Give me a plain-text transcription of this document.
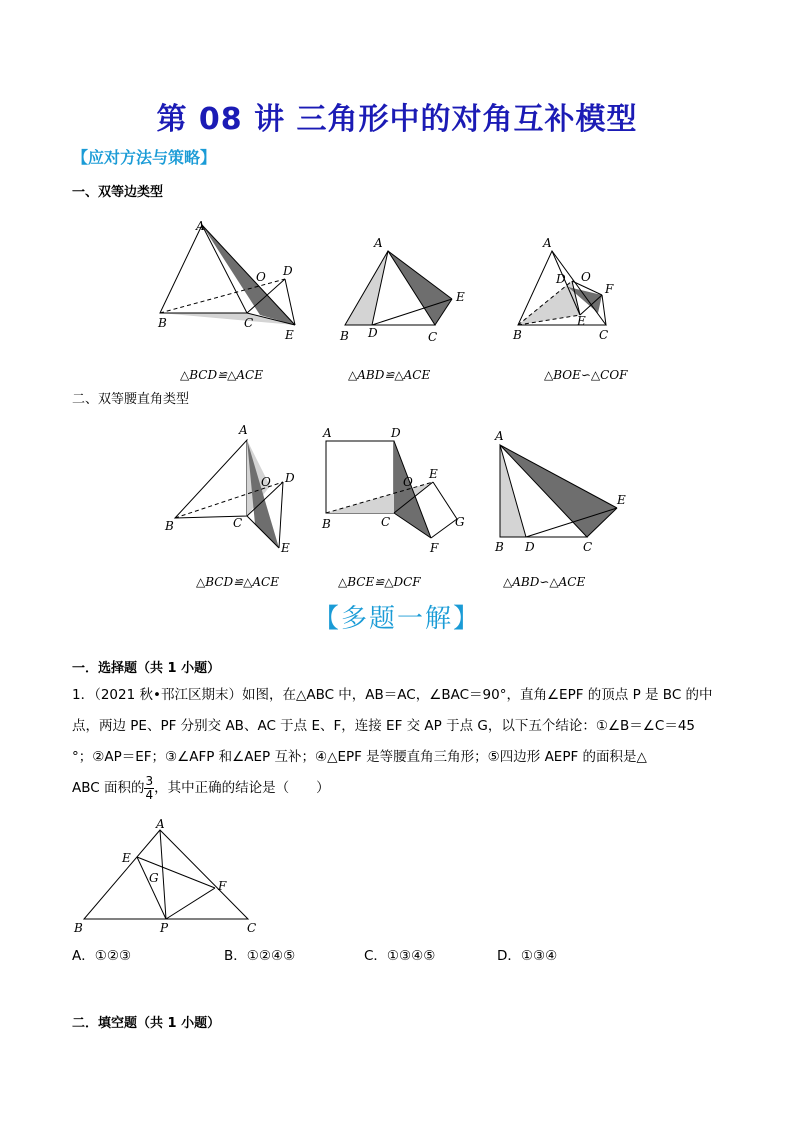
第 08 讲 三角形中的对角互补模型
【应对方法与策略】
一、双等边类型
A
B	C
D
E
O
A
B D	C
E
A
B	C
D O
F
E
△BCD≌△ACE	△ABD≌△ACE	△BOE∽△COF
二、双等腰直角类型
A
B	C
D
E
O
A	D
B	C
O
E
G
F
A
B D	C
E
△BCD≌△ACE	△BCE≌△DCF	△ABD∽△ACE
【多题一解】
一．选择题（共 1 小题）
1．（2021 秋•邗江区期末）如图，在△ABC 中，AB＝AC，∠BAC＝90°，直角∠EPF 的顶点 P 是 BC 的中
点，两边 PE、PF 分别交 AB、AC 于点 E、F，连接 EF 交 AP 于点 G，以下五个结论：①∠B＝∠C＝45
°；②AP＝EF；③∠AFP 和∠AEP 互补；④△EPF 是等腰直角三角形；⑤四边形 AEPF 的面积是△
ABC 面积的 $\frac{3}{4}$ ，其中正确的结论是（　　）
A
E
G
F
B	P	C
A．①②③	B．①②④⑤	C．①③④⑤	D．①③④
二．填空题（共 1 小题）
